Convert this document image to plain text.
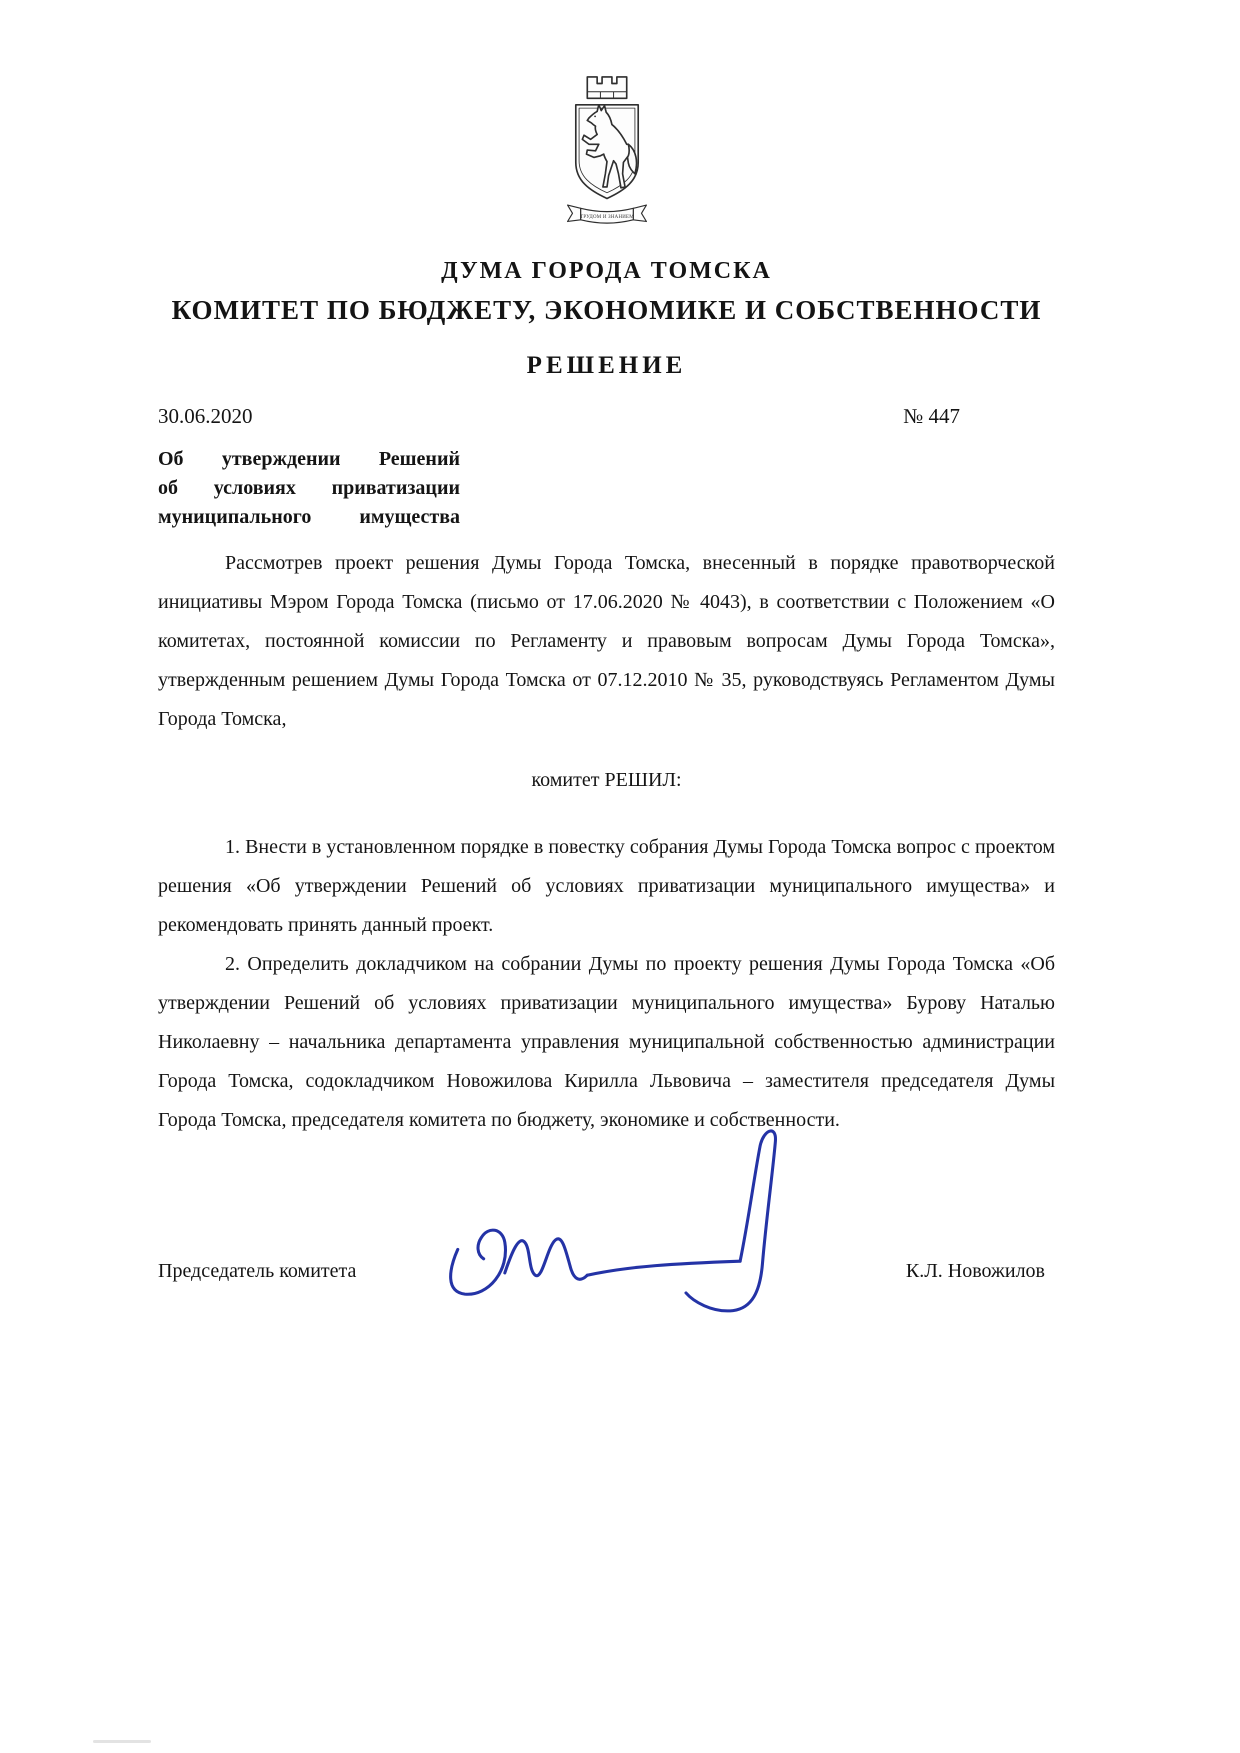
ТРУДОМ И ЗНАНИЕМ
ДУМА ГОРОДА ТОМСКА
КОМИТЕТ ПО БЮДЖЕТУ, ЭКОНОМИКЕ И СОБСТВЕННОСТИ
РЕШЕНИЕ
30.06.2020	№ 447
Об утверждении Решений
об условиях приватизации
муниципального имущества

Рассмотрев проект решения Думы Города Томска, внесенный в порядке правотворческой инициативы Мэром Города Томска (письмо от 17.06.2020 № 4043), в соответствии с Положением «О комитетах, постоянной комиссии по Регламенту и правовым вопросам Думы Города Томска», утвержденным решением Думы Города Томска от 07.12.2010 № 35, руководствуясь Регламентом Думы Города Томска,

комитет РЕШИЛ:

1. Внести в установленном порядке в повестку собрания Думы Города Томска вопрос с проектом решения «Об утверждении Решений об условиях приватизации муниципального имущества» и рекомендовать принять данный проект.

2. Определить докладчиком на собрании Думы по проекту решения Думы Города Томска «Об утверждении Решений об условиях приватизации муниципального имущества» Бурову Наталью Николаевну – начальника департамента управления муниципальной собственностью администрации Города Томска, содокладчиком Новожилова Кирилла Львовича – заместителя председателя Думы Города Томска, председателя комитета по бюджету, экономике и собственности.

Председатель комитета	К.Л. Новожилов
